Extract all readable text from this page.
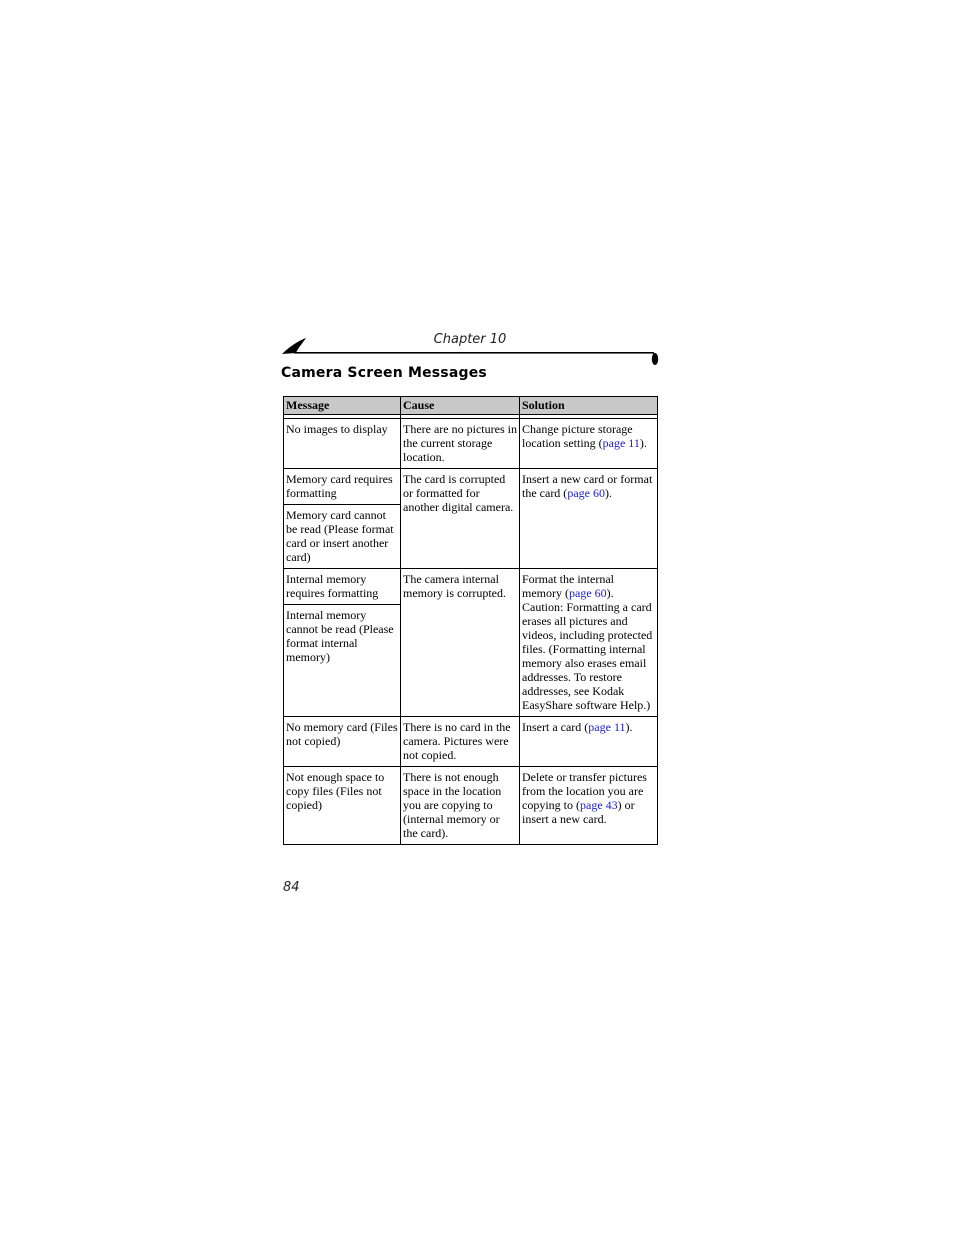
Chapter 10
Camera Screen Messages
Message	Cause	Solution

No images to display	There are no pictures in the current storage location.	Change picture storage location setting (page 11).
Memory card requires formatting	The card is corrupted or formatted for another digital camera.	Insert a new card or format the card (page 60).
Memory card cannot be read (Please format card or insert another card)		
Internal memory requires formatting	The camera internal memory is corrupted.	Format the internal memory (page 60). Caution: Formatting a card erases all pictures and videos, including protected files. (Formatting internal memory also erases email addresses. To restore addresses, see Kodak EasyShare software Help.)
Internal memory cannot be read (Please format internal memory)		
No memory card (Files not copied)	There is no card in the camera. Pictures were not copied.	Insert a card (page 11).
Not enough space to copy files (Files not copied)	There is not enough space in the location you are copying to (internal memory or the card).	Delete or transfer pictures from the location you are copying to (page 43) or insert a new card.
84
